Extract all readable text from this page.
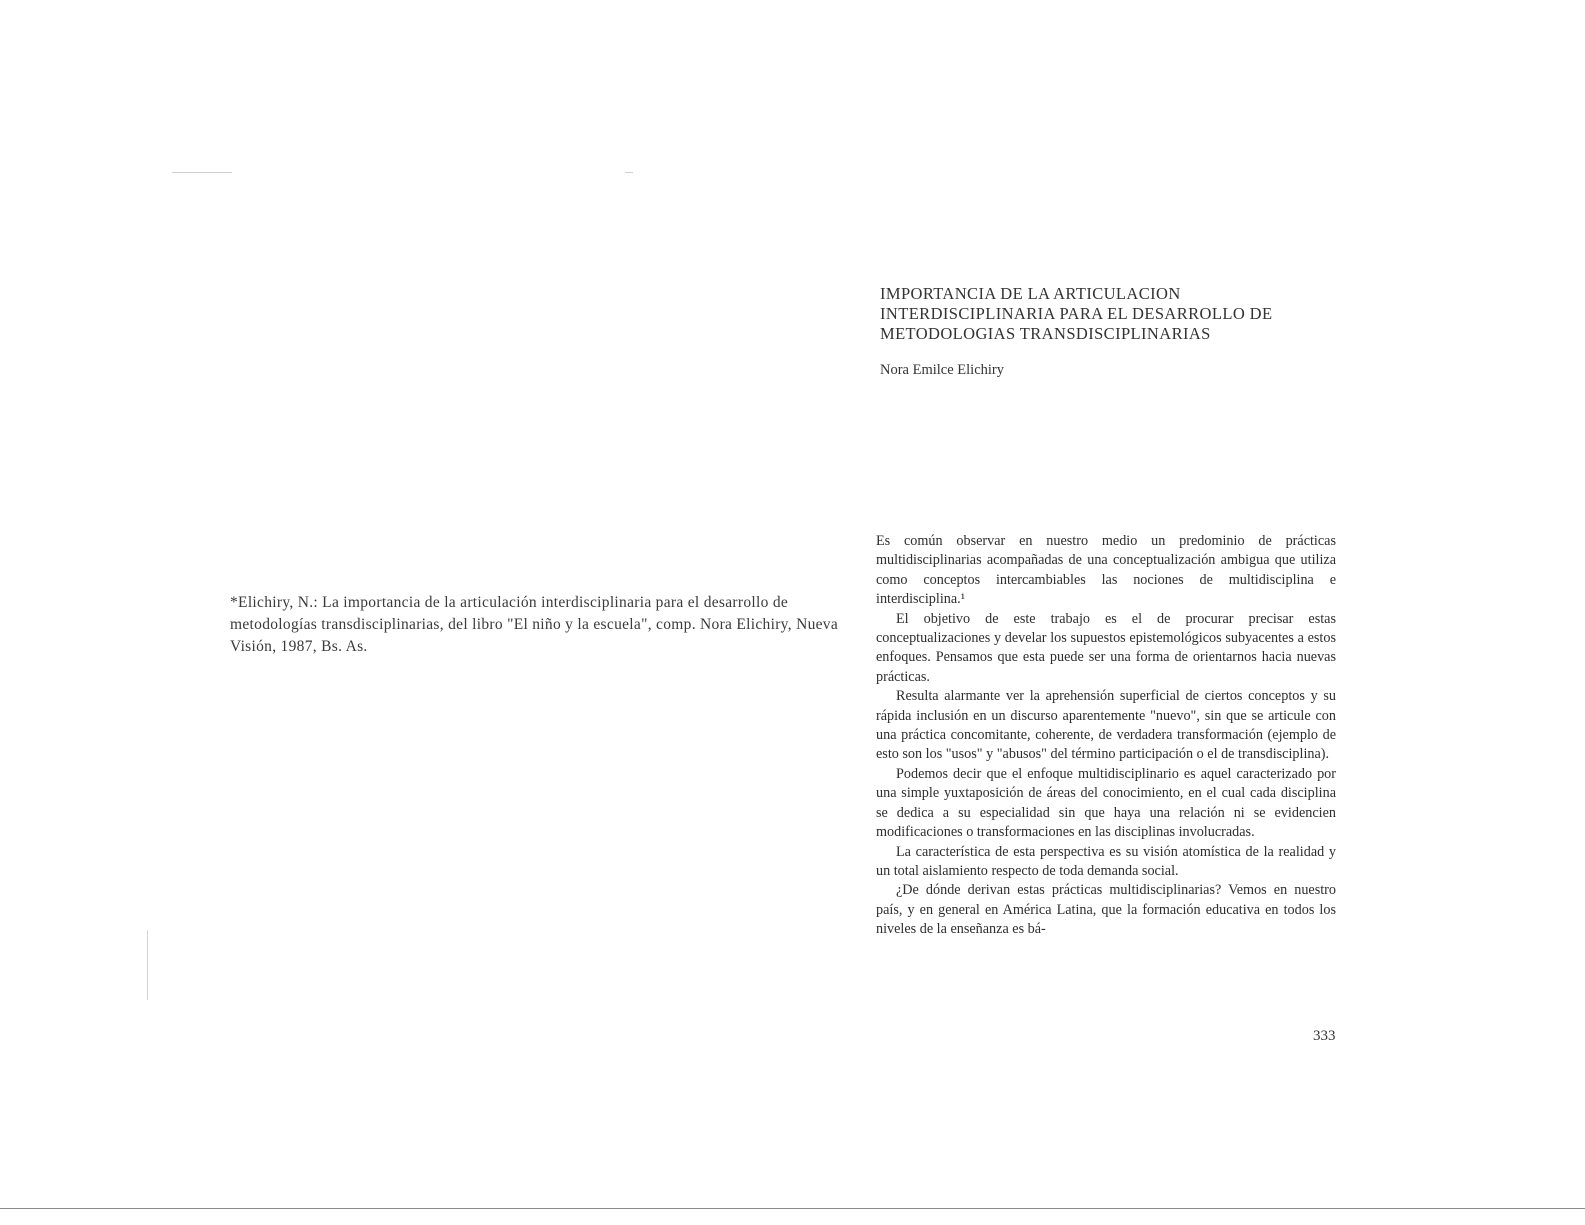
*Elichiry, N.: La importancia de la articulación interdisciplinaria para el desarrollo de metodologías transdisciplinarias, del libro "El niño y la escuela", comp. Nora Elichiry, Nueva Visión, 1987, Bs. As.

IMPORTANCIA DE LA ARTICULACION
INTERDISCIPLINARIA PARA EL DESARROLLO DE
METODOLOGIAS TRANSDISCIPLINARIAS
Nora Emilce Elichiry

Es común observar en nuestro medio un predominio de prácticas multidisciplinarias acompañadas de una conceptualización ambigua que utiliza como conceptos intercambiables las nociones de multidisciplina e interdisciplina.¹

El objetivo de este trabajo es el de procurar precisar estas conceptualizaciones y develar los supuestos epistemológicos subyacentes a estos enfoques. Pensamos que esta puede ser una forma de orientarnos hacia nuevas prácticas.

Resulta alarmante ver la aprehensión superficial de ciertos conceptos y su rápida inclusión en un discurso aparentemente "nuevo", sin que se articule con una práctica concomitante, coherente, de verdadera transformación (ejemplo de esto son los "usos" y "abusos" del término participación o el de transdisciplina).

Podemos decir que el enfoque multidisciplinario es aquel caracterizado por una simple yuxtaposición de áreas del conocimiento, en el cual cada disciplina se dedica a su especialidad sin que haya una relación ni se evidencien modificaciones o transformaciones en las disciplinas involucradas.

La característica de esta perspectiva es su visión atomística de la realidad y un total aislamiento respecto de toda demanda social.

¿De dónde derivan estas prácticas multidisciplinarias? Vemos en nuestro país, y en general en América Latina, que la formación educativa en todos los niveles de la enseñanza es bá-

333
